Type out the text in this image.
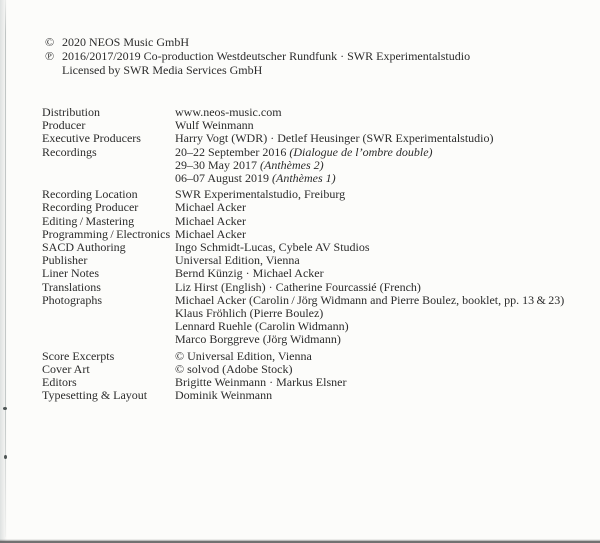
© 2020 NEOS Music GmbH
℗ 2016/2017/2019 Co-production Westdeutscher Rundfunk · SWR Experimentalstudio
Licensed by SWR Media Services GmbH
Distribution	www.neos-music.com
Producer	Wulf Weinmann
Executive Producers	Harry Vogt (WDR) · Detlef Heusinger (SWR Experimentalstudio)
Recordings	20–22 September 2016 (Dialogue de l’ombre double)
29–30 May 2017 (Anthèmes 2)
06–07 August 2019 (Anthèmes 1)
Recording Location	SWR Experimentalstudio, Freiburg
Recording Producer	Michael Acker
Editing / Mastering	Michael Acker
Programming / Electronics Michael Acker
SACD Authoring	Ingo Schmidt-Lucas, Cybele AV Studios
Publisher	Universal Edition, Vienna
Liner Notes	Bernd Künzig · Michael Acker
Translations	Liz Hirst (English) · Catherine Fourcassié (French)
Photographs	Michael Acker (Carolin / Jörg Widmann and Pierre Boulez, booklet, pp. 13 & 23)
Klaus Fröhlich (Pierre Boulez)
Lennard Ruehle (Carolin Widmann)
Marco Borggreve (Jörg Widmann)
Score Excerpts	© Universal Edition, Vienna
Cover Art	© solvod (Adobe Stock)
Editors	Brigitte Weinmann · Markus Elsner
Typesetting & Layout	Dominik Weinmann
